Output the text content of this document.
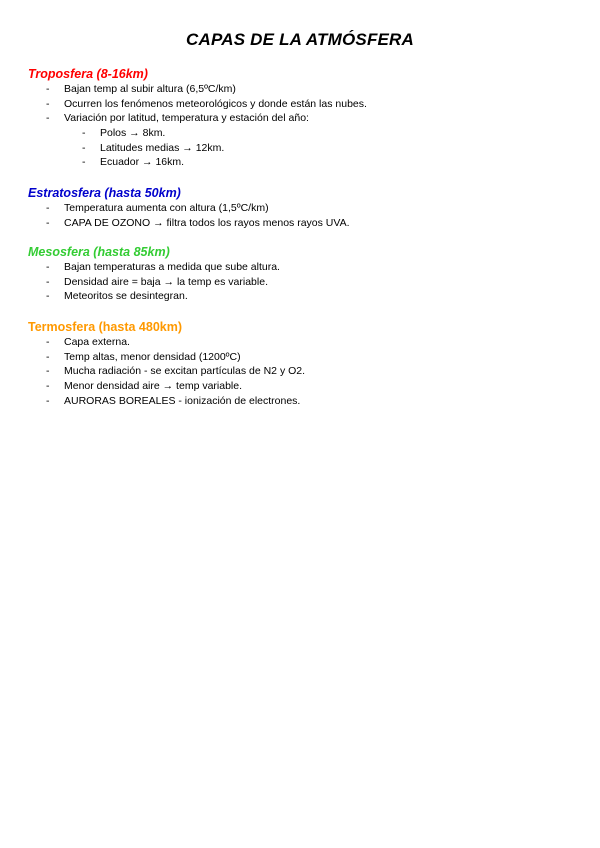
CAPAS DE LA ATMÓSFERA
Troposfera (8-16km)
- Bajan temp al subir altura (6,5ºC/km)
- Ocurren los fenómenos meteorológicos y donde están las nubes.
- Variación por latitud, temperatura y estación del año:
- Polos → 8km.
- Latitudes medias → 12km.
- Ecuador → 16km.
Estratosfera (hasta 50km)
- Temperatura aumenta con altura (1,5ºC/km)
- CAPA DE OZONO → filtra todos los rayos menos rayos UVA.
Mesosfera (hasta 85km)
- Bajan temperaturas a medida que sube altura.
- Densidad aire = baja → la temp es variable.
- Meteoritos se desintegran.
Termosfera (hasta 480km)
- Capa externa.
- Temp altas, menor densidad (1200ºC)
- Mucha radiación - se excitan partículas de N2 y O2.
- Menor densidad aire → temp variable.
- AURORAS BOREALES - ionización de electrones.
